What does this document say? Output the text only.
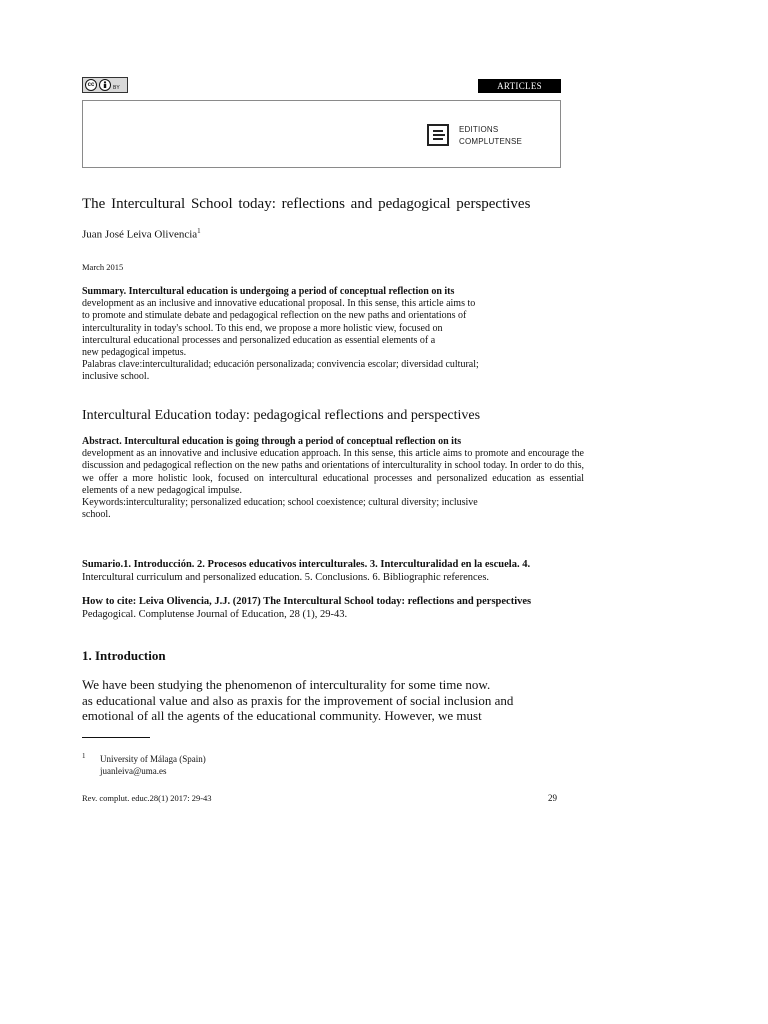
cc	BY	ARTICLES
EDITIONS
COMPLUTENSE
The Intercultural School today: reflections and pedagogical perspectives
Juan José Leiva Olivencia$^1$
March 2015

Summary. Intercultural education is undergoing a period of conceptual reflection on its

development as an inclusive and innovative educational proposal. In this sense, this article aims to

to promote and stimulate debate and pedagogical reflection on the new paths and orientations of

interculturality in today's school. To this end, we propose a more holistic view, focused on

intercultural educational processes and personalized education as essential elements of a

new pedagogical impetus.

Palabras clave:interculturalidad; educación personalizada; convivencia escolar; diversidad cultural;

inclusive school.

Intercultural Education today: pedagogical reflections and perspectives

Abstract. Intercultural education is going through a period of conceptual reflection on its

development as an innovative and inclusive education approach. In this sense, this article aims to promote and encourage the discussion and pedagogical reflection on the new paths and orientations of interculturality in school today. In order to do this, we offer a more holistic look, focused on intercultural educational processes and personalized education as essential elements of a new pedagogical impulse.

Keywords:interculturality; personalized education; school coexistence; cultural diversity; inclusive

school.

Sumario.1. Introducción. 2. Procesos educativos interculturales. 3. Interculturalidad en la escuela. 4.

Intercultural curriculum and personalized education. 5. Conclusions. 6. Bibliographic references.

How to cite: Leiva Olivencia, J.J. (2017) The Intercultural School today: reflections and perspectives

Pedagogical. Complutense Journal of Education, 28 (1), 29-43.

1. Introduction

We have been studying the phenomenon of interculturality for some time now.

as educational value and also as praxis for the improvement of social inclusion and

emotional of all the agents of the educational community. However, we must

1 University of Málaga (Spain)
juanleiva@uma.es
Rev. complut. educ.28(1) 2017: 29-43	29
